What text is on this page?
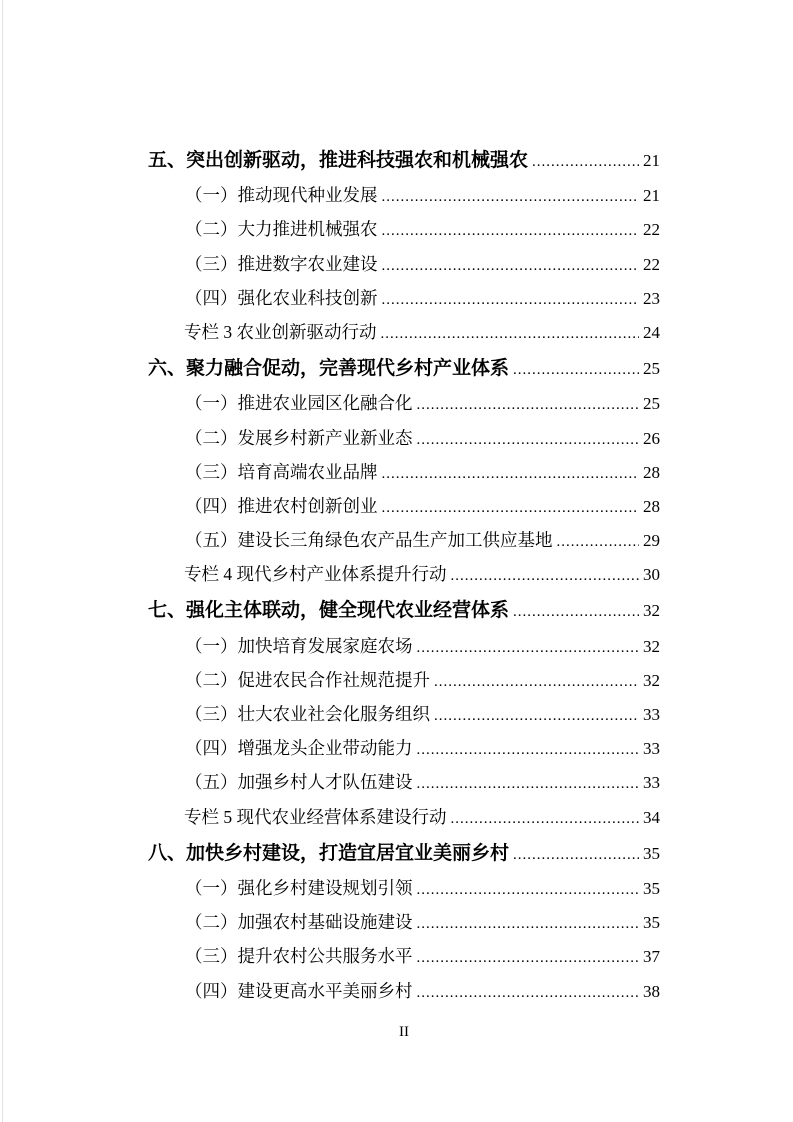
五、突出创新驱动，推进科技强农和机械强农 .....	21
（一）推动现代种业发展 .....	21
（二）大力推进机械强农 .....	22
（三）推进数字农业建设 .....	22
（四）强化农业科技创新 .....	23
专栏 3 农业创新驱动行动 .....	24
六、聚力融合促动，完善现代乡村产业体系 .....	25
（一）推进农业园区化融合化 .....	25
（二）发展乡村新产业新业态 .....	26
（三）培育高端农业品牌 .....	28
（四）推进农村创新创业 .....	28
（五）建设长三角绿色农产品生产加工供应基地 .....	29
专栏 4 现代乡村产业体系提升行动 .....	30
七、强化主体联动，健全现代农业经营体系 .....	32
（一）加快培育发展家庭农场 .....	32
（二）促进农民合作社规范提升 .....	32
（三）壮大农业社会化服务组织 .....	33
（四）增强龙头企业带动能力 .....	33
（五）加强乡村人才队伍建设 .....	33
专栏 5 现代农业经营体系建设行动 .....	34
八、加快乡村建设，打造宜居宜业美丽乡村 .....	35
（一）强化乡村建设规划引领 .....	35
（二）加强农村基础设施建设 .....	35
（三）提升农村公共服务水平 .....	37
（四）建设更高水平美丽乡村 .....	38
II
